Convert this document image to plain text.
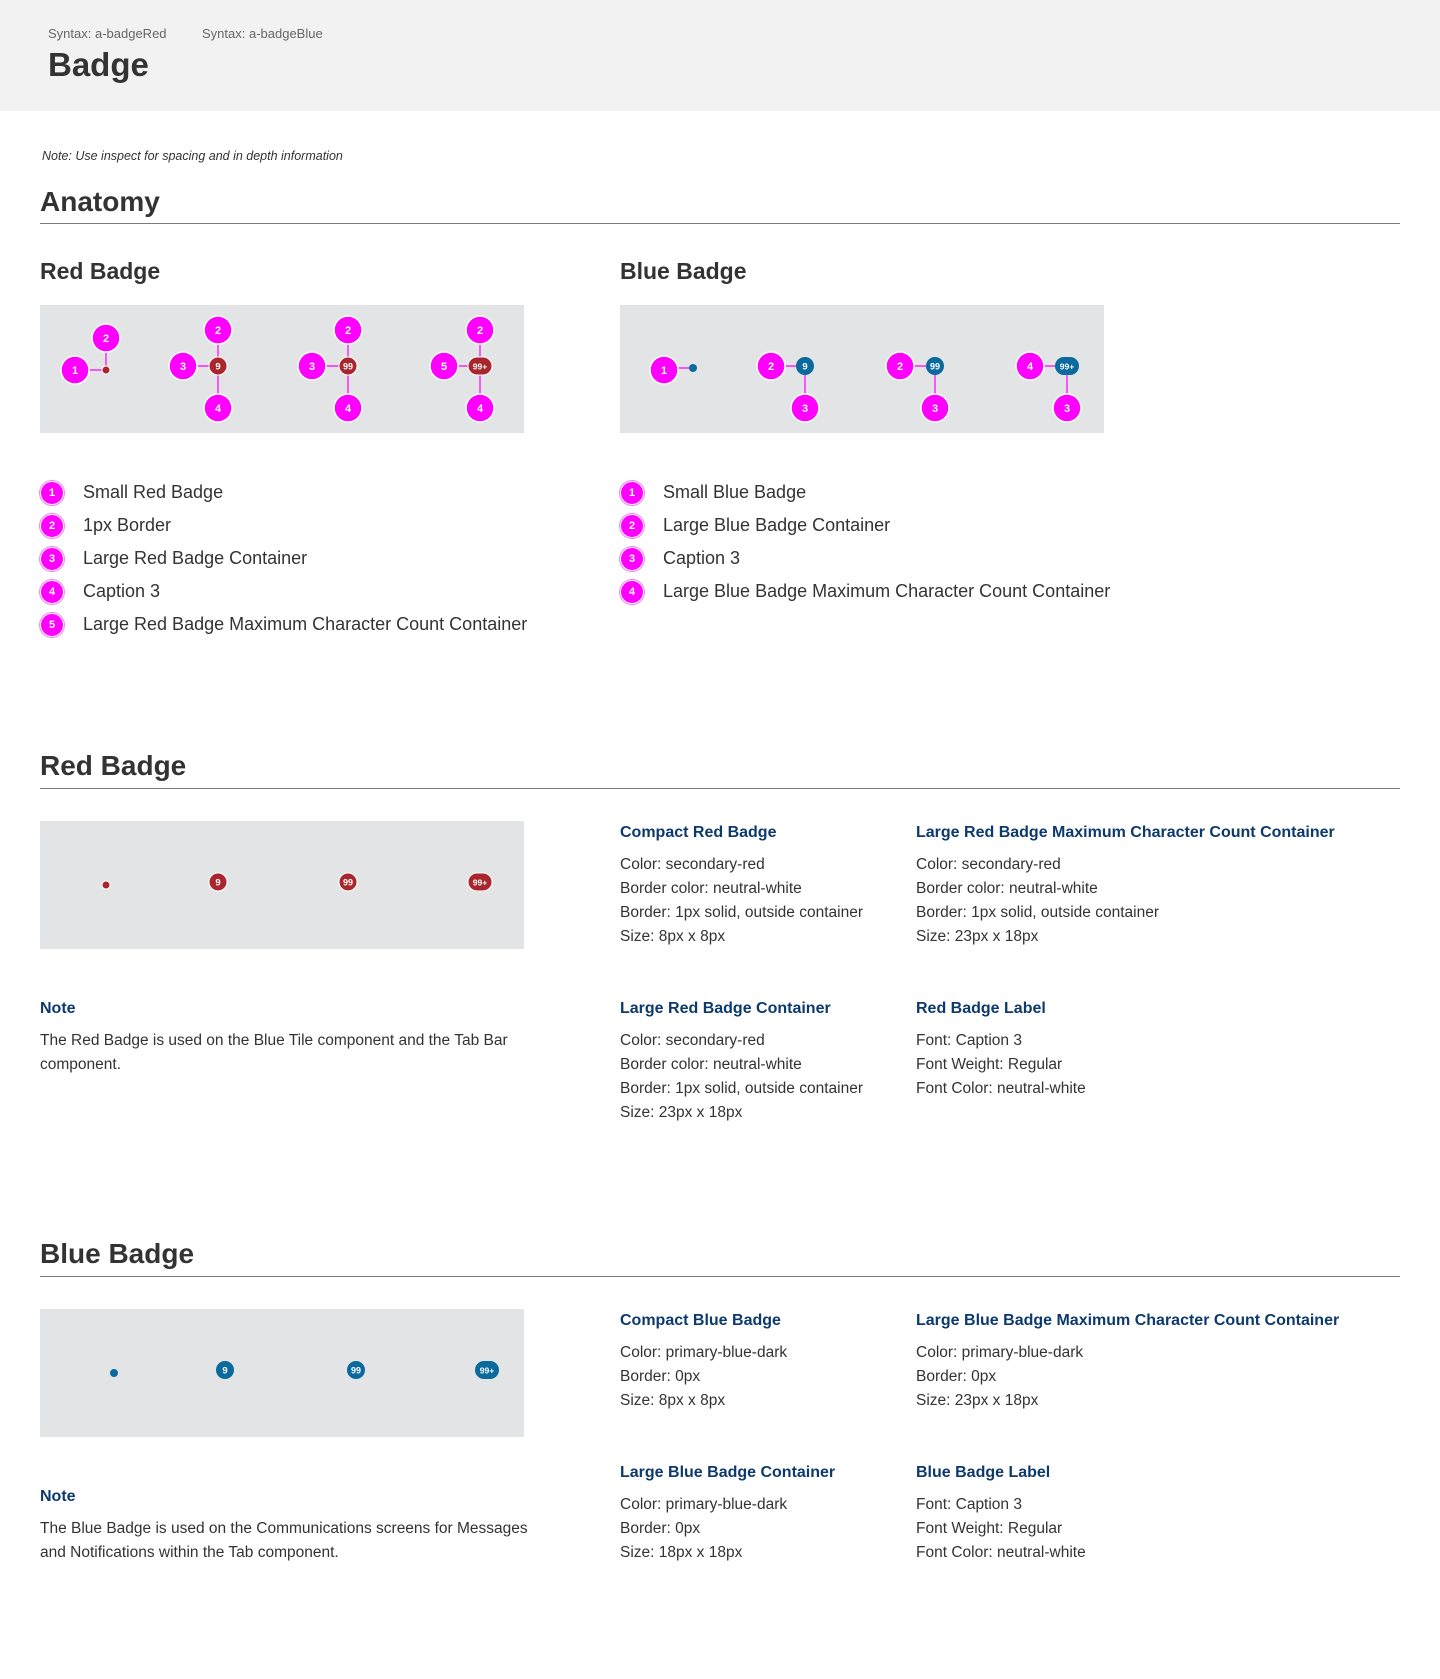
Syntax: a-badgeRed	Syntax: a-badgeBlue
Badge
Note: Use inspect for spacing and in depth information
Anatomy
Red Badge	Blue Badge
9	99	99+
2
1
2
3
4
2
3
4
2
5
4
9	99	99+
1	2
3
2
3
4
3
1	Small Red Badge
2	1px Border
3	Large Red Badge Container
4	Caption 3
5	Large Red Badge Maximum Character Count Container
1	Small Blue Badge
2	Large Blue Badge Container
3	Caption 3
4	Large Blue Badge Maximum Character Count Container
Red Badge
9	99	99+
Compact Red Badge

Color: secondary-red

Border color: neutral-white

Border: 1px solid, outside container

Size: 8px x 8px

Large Red Badge Maximum Character Count Container

Color: secondary-red

Border color: neutral-white

Border: 1px solid, outside container

Size: 23px x 18px

Note

The Red Badge is used on the Blue Tile component and the Tab Bar component.

Large Red Badge Container

Color: secondary-red

Border color: neutral-white

Border: 1px solid, outside container

Size: 23px x 18px

Red Badge Label

Font: Caption 3

Font Weight: Regular

Font Color: neutral-white

Blue Badge
9	99	99+
Compact Blue Badge

Color: primary-blue-dark

Border: 0px

Size: 8px x 8px

Large Blue Badge Maximum Character Count Container

Color: primary-blue-dark

Border: 0px

Size: 23px x 18px

Note

The Blue Badge is used on the Communications screens for Messages and Notifications within the Tab component.

Large Blue Badge Container

Color: primary-blue-dark

Border: 0px

Size: 18px x 18px

Blue Badge Label

Font: Caption 3

Font Weight: Regular

Font Color: neutral-white
